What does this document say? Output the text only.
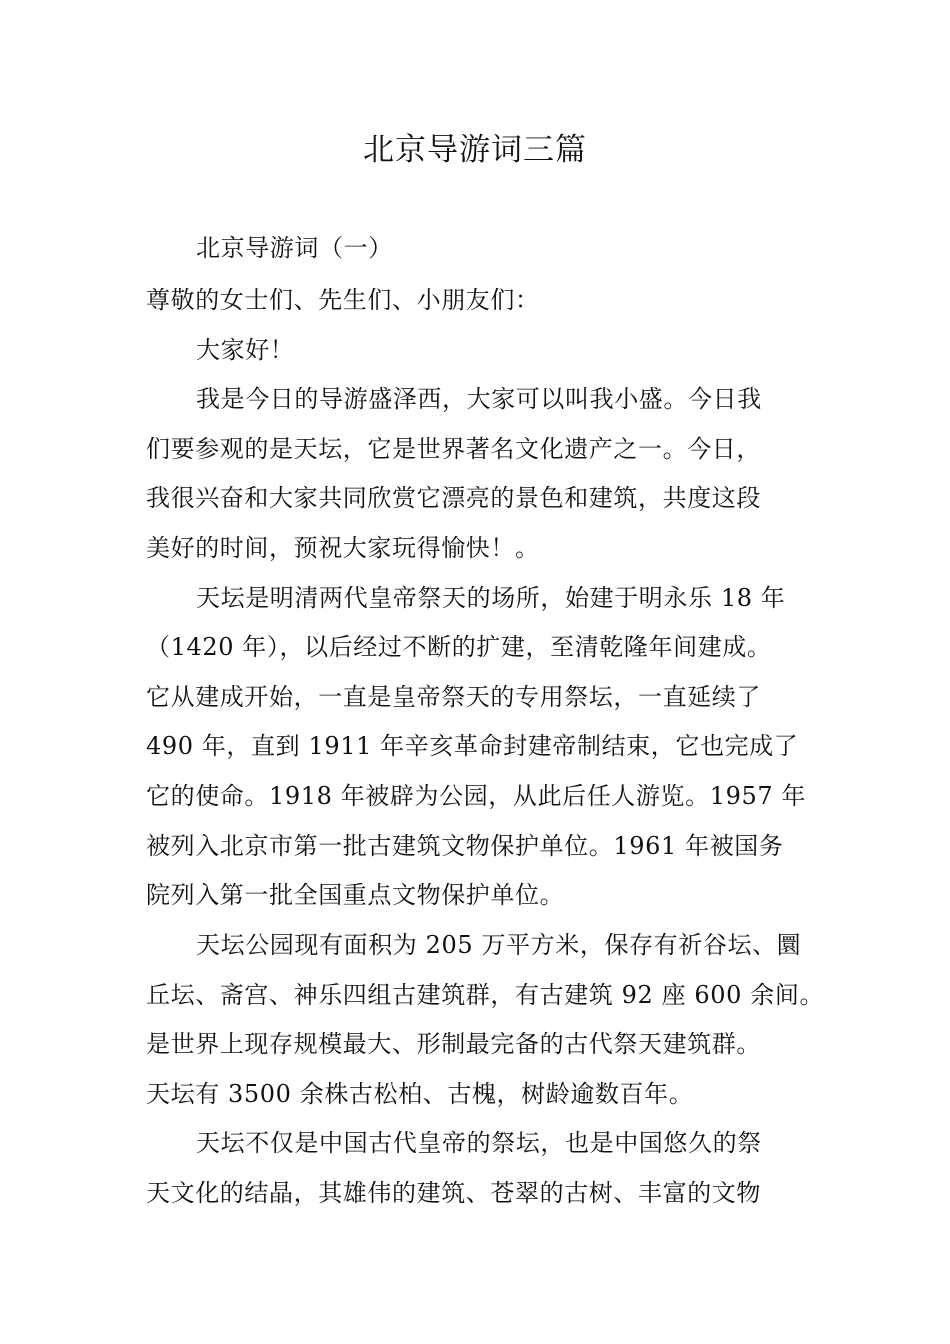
北京导游词三篇
北京导游词（一）
尊敬的女士们、先生们、小朋友们：
大家好！
我是今日的导游盛泽西，大家可以叫我小盛。今日我
们要参观的是天坛，它是世界著名文化遗产之一。今日，
我很兴奋和大家共同欣赏它漂亮的景色和建筑，共度这段
美好的时间，预祝大家玩得愉快！。
天坛是明清两代皇帝祭天的场所，始建于明永乐 18 年
（1420 年），以后经过不断的扩建，至清乾隆年间建成。
它从建成开始，一直是皇帝祭天的专用祭坛，一直延续了
490 年，直到 1911 年辛亥革命封建帝制结束，它也完成了
它的使命。1918 年被辟为公园，从此后任人游览。1957 年
被列入北京市第一批古建筑文物保护单位。1961 年被国务
院列入第一批全国重点文物保护单位。
天坛公园现有面积为 205 万平方米，保存有祈谷坛、圜
丘坛、斋宫、神乐四组古建筑群，有古建筑 92 座 600 余间。
是世界上现存规模最大、形制最完备的古代祭天建筑群。
天坛有 3500 余株古松柏、古槐，树龄逾数百年。
天坛不仅是中国古代皇帝的祭坛，也是中国悠久的祭
天文化的结晶，其雄伟的建筑、苍翠的古树、丰富的文物
